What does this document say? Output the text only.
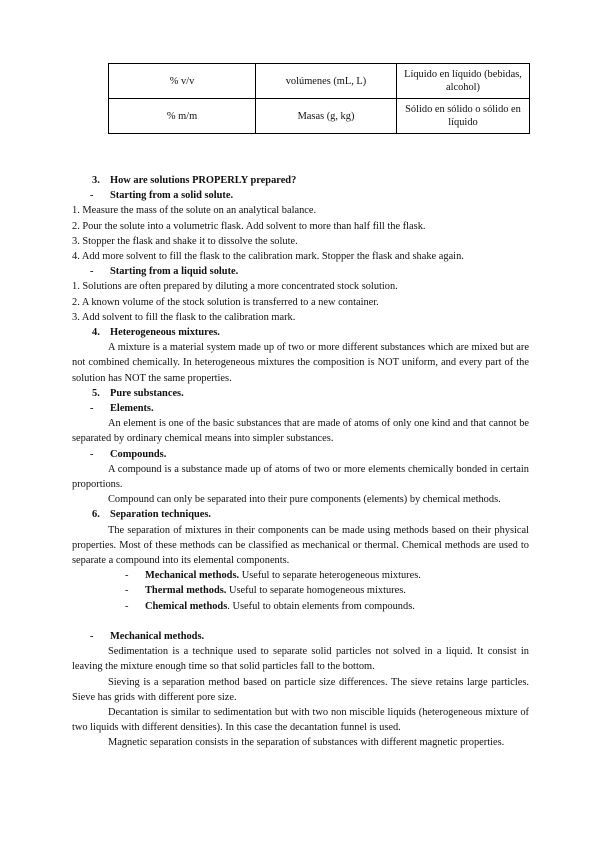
% v/v	volúmenes (mL, L)	Líquido en líquido (bebidas, alcohol)
% m/m	Masas (g, kg)	Sólido en sólido o sólido en líquido

3. How are solutions PROPERLY prepared?

- Starting from a solid solute.

1. Measure the mass of the solute on an analytical balance.

2. Pour the solute into a volumetric flask. Add solvent to more than half fill the flask.

3. Stopper the flask and shake it to dissolve the solute.

4. Add more solvent to fill the flask to the calibration mark. Stopper the flask and shake again.

- Starting from a liquid solute.

1. Solutions are often prepared by diluting a more concentrated stock solution.

2. A known volume of the stock solution is transferred to a new container.

3. Add solvent to fill the flask to the calibration mark.

4. Heterogeneous mixtures.

A mixture is a material system made up of two or more different substances which are mixed but are not combined chemically. In heterogeneous mixtures the composition is NOT uniform, and every part of the solution has NOT the same properties.

5. Pure substances.

- Elements.

An element is one of the basic substances that are made of atoms of only one kind and that cannot be separated by ordinary chemical means into simpler substances.

- Compounds.

A compound is a substance made up of atoms of two or more elements chemically bonded in certain proportions.

Compound can only be separated into their pure components (elements) by chemical methods.

6. Separation techniques.

The separation of mixtures in their components can be made using methods based on their physical properties. Most of these methods can be classified as mechanical or thermal. Chemical methods are used to separate a compound into its elemental components.

- Mechanical methods. Useful to separate heterogeneous mixtures.

- Thermal methods. Useful to separate homogeneous mixtures.

- Chemical methods. Useful to obtain elements from compounds.

- Mechanical methods.

Sedimentation is a technique used to separate solid particles not solved in a liquid. It consist in leaving the mixture enough time so that solid particles fall to the bottom.

Sieving is a separation method based on particle size differences. The sieve retains large particles. Sieve has grids with different pore size.

Decantation is similar to sedimentation but with two non miscible liquids (heterogeneous mixture of two liquids with different densities). In this case the decantation funnel is used.

Magnetic separation consists in the separation of substances with different magnetic properties.
